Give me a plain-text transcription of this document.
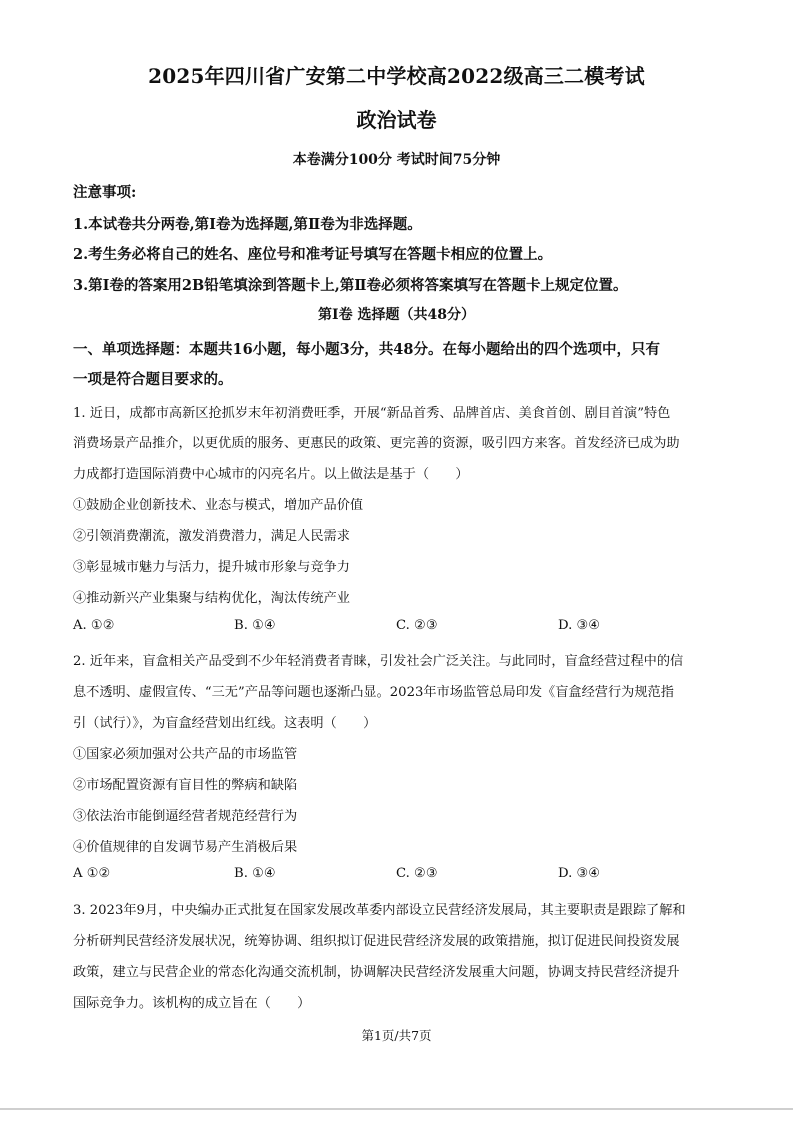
2025年四川省广安第二中学校高2022级高三二模考试
政治试卷
本卷满分100分 考试时间75分钟
注意事项:
1.本试卷共分两卷,第Ⅰ卷为选择题,第Ⅱ卷为非选择题。
2.考生务必将自己的姓名、座位号和准考证号填写在答题卡相应的位置上。
3.第Ⅰ卷的答案用2B铅笔填涂到答题卡上,第Ⅱ卷必须将答案填写在答题卡上规定位置。
第Ⅰ卷 选择题（共48分）
一、单项选择题：本题共16小题，每小题3分，共48分。在每小题给出的四个选项中，只有
一项是符合题目要求的。
1. 近日，成都市高新区抢抓岁末年初消费旺季，开展“新品首秀、品牌首店、美食首创、剧目首演”特色
消费场景产品推介，以更优质的服务、更惠民的政策、更完善的资源，吸引四方来客。首发经济已成为助
力成都打造国际消费中心城市的闪亮名片。以上做法是基于（　　）
①鼓励企业创新技术、业态与模式，增加产品价值
②引领消费潮流，激发消费潜力，满足人民需求
③彰显城市魅力与活力，提升城市形象与竞争力
④推动新兴产业集聚与结构优化，淘汰传统产业
A. ①②	B. ①④	C. ②③	D. ③④
2. 近年来，盲盒相关产品受到不少年轻消费者青睐，引发社会广泛关注。与此同时，盲盒经营过程中的信
息不透明、虚假宣传、“三无”产品等问题也逐渐凸显。2023年市场监管总局印发《盲盒经营行为规范指
引（试行）》，为盲盒经营划出红线。这表明（　　）
①国家必须加强对公共产品的市场监管
②市场配置资源有盲目性的弊病和缺陷
③依法治市能倒逼经营者规范经营行为
④价值规律的自发调节易产生消极后果
A ①②	B. ①④	C. ②③	D. ③④
3. 2023年9月，中央编办正式批复在国家发展改革委内部设立民营经济发展局，其主要职责是跟踪了解和
分析研判民营经济发展状况，统筹协调、组织拟订促进民营经济发展的政策措施，拟订促进民间投资发展
政策，建立与民营企业的常态化沟通交流机制，协调解决民营经济发展重大问题，协调支持民营经济提升
国际竞争力。该机构的成立旨在（　　）
第1页/共7页
